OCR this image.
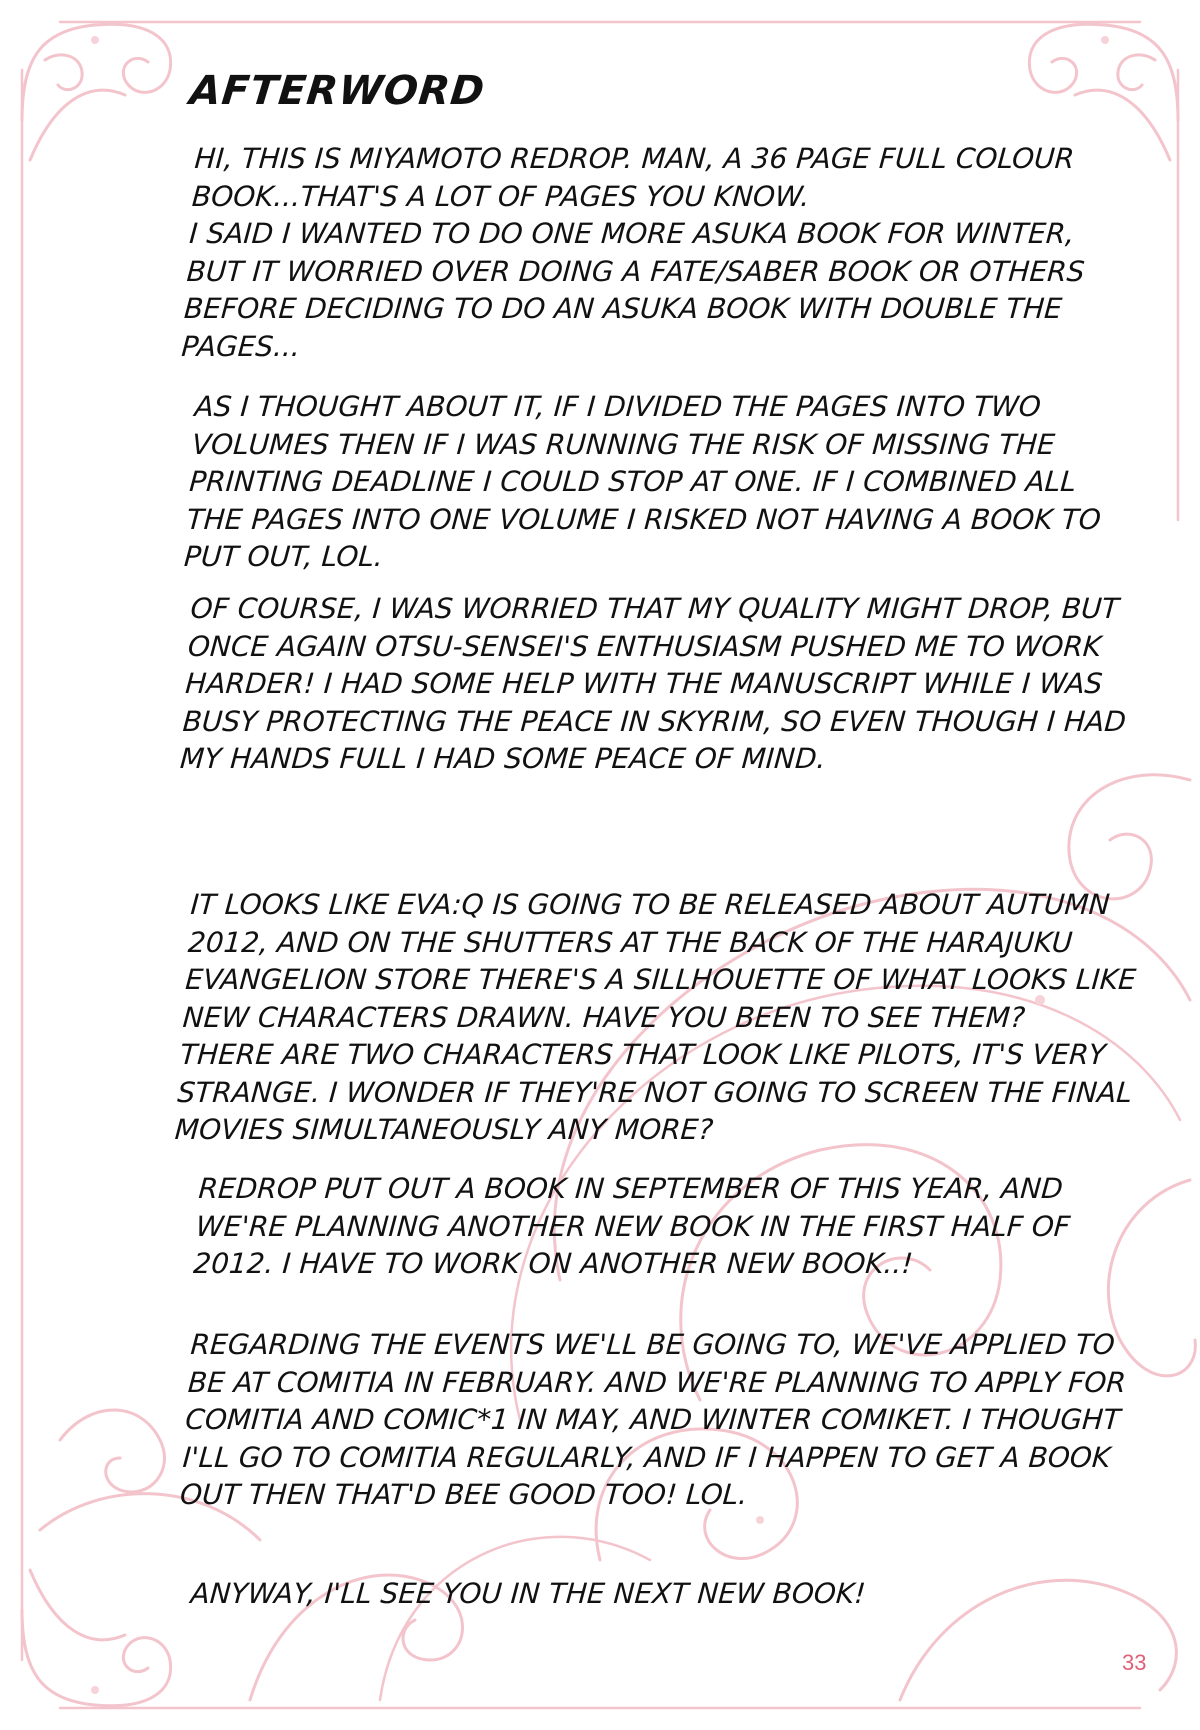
AFTERWORD

HI, THIS IS MIYAMOTO REDROP. MAN, A 36 PAGE FULL COLOUR
BOOK...THAT'S A LOT OF PAGES YOU KNOW.
I SAID I WANTED TO DO ONE MORE ASUKA BOOK FOR WINTER,
BUT IT WORRIED OVER DOING A FATE/SABER BOOK OR OTHERS
BEFORE DECIDING TO DO AN ASUKA BOOK WITH DOUBLE THE
PAGES...

AS I THOUGHT ABOUT IT, IF I DIVIDED THE PAGES INTO TWO
VOLUMES THEN IF I WAS RUNNING THE RISK OF MISSING THE
PRINTING DEADLINE I COULD STOP AT ONE. IF I COMBINED ALL
THE PAGES INTO ONE VOLUME I RISKED NOT HAVING A BOOK TO
PUT OUT, LOL.

OF COURSE, I WAS WORRIED THAT MY QUALITY MIGHT DROP, BUT
ONCE AGAIN OTSU-SENSEI'S ENTHUSIASM PUSHED ME TO WORK
HARDER! I HAD SOME HELP WITH THE MANUSCRIPT WHILE I WAS
BUSY PROTECTING THE PEACE IN SKYRIM, SO EVEN THOUGH I HAD
MY HANDS FULL I HAD SOME PEACE OF MIND.

IT LOOKS LIKE EVA:Q IS GOING TO BE RELEASED ABOUT AUTUMN
2012, AND ON THE SHUTTERS AT THE BACK OF THE HARAJUKU
EVANGELION STORE THERE'S A SILLHOUETTE OF WHAT LOOKS LIKE
NEW CHARACTERS DRAWN. HAVE YOU BEEN TO SEE THEM?
THERE ARE TWO CHARACTERS THAT LOOK LIKE PILOTS, IT'S VERY
STRANGE. I WONDER IF THEY'RE NOT GOING TO SCREEN THE FINAL
MOVIES SIMULTANEOUSLY ANY MORE?

REDROP PUT OUT A BOOK IN SEPTEMBER OF THIS YEAR, AND
WE'RE PLANNING ANOTHER NEW BOOK IN THE FIRST HALF OF
2012. I HAVE TO WORK ON ANOTHER NEW BOOK..!

REGARDING THE EVENTS WE'LL BE GOING TO, WE'VE APPLIED TO
BE AT COMITIA IN FEBRUARY. AND WE'RE PLANNING TO APPLY FOR
COMITIA AND COMIC*1 IN MAY, AND WINTER COMIKET. I THOUGHT
I'LL GO TO COMITIA REGULARLY, AND IF I HAPPEN TO GET A BOOK
OUT THEN THAT'D BEE GOOD TOO! LOL.

ANYWAY, I'LL SEE YOU IN THE NEXT NEW BOOK!

33
